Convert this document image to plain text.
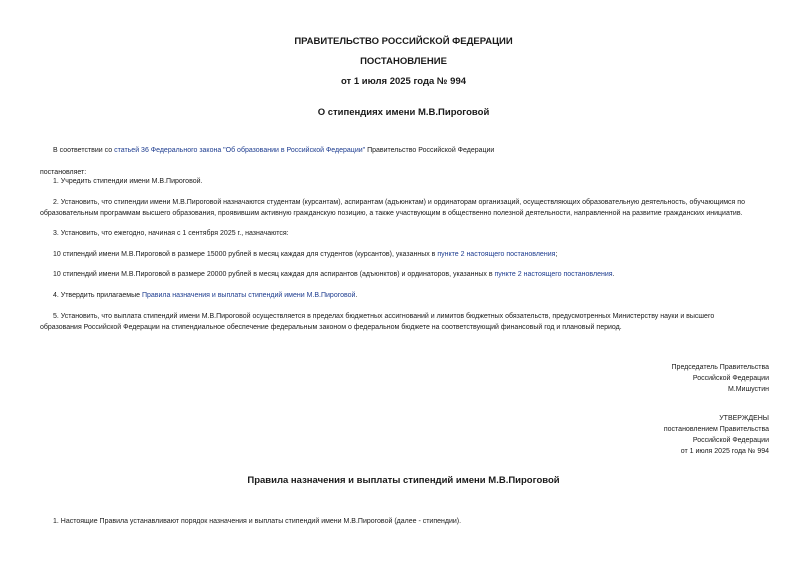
ПРАВИТЕЛЬСТВО РОССИЙСКОЙ ФЕДЕРАЦИИ
ПОСТАНОВЛЕНИЕ
от 1 июля 2025 года № 994
О стипендиях имени М.В.Пироговой
В соответствии со статьей 36 Федерального закона "Об образовании в Российской Федерации" Правительство Российской Федерации
постановляет:
1. Учредить стипендии имени М.В.Пироговой.
2. Установить, что стипендии имени М.В.Пироговой назначаются студентам (курсантам), аспирантам (адъюнктам) и ординаторам организаций, осуществляющих образовательную деятельность, обучающимся по
образовательным программам высшего образования, проявившим активную гражданскую позицию, а также участвующим в общественно полезной деятельности, направленной на развитие гражданских инициатив.
3. Установить, что ежегодно, начиная с 1 сентября 2025 г., назначаются:
10 стипендий имени М.В.Пироговой в размере 15000 рублей в месяц каждая для студентов (курсантов), указанных в пункте 2 настоящего постановления;
10 стипендий имени М.В.Пироговой в размере 20000 рублей в месяц каждая для аспирантов (адъюнктов) и ординаторов, указанных в пункте 2 настоящего постановления.
4. Утвердить прилагаемые Правила назначения и выплаты стипендий имени М.В.Пироговой.
5. Установить, что выплата стипендий имени М.В.Пироговой осуществляется в пределах бюджетных ассигнований и лимитов бюджетных обязательств, предусмотренных Министерству науки и высшего
образования Российской Федерации на стипендиальное обеспечение федеральным законом о федеральном бюджете на соответствующий финансовый год и плановый период.
Председатель Правительства
Российской Федерации
М.Мишустин
УТВЕРЖДЕНЫ
постановлением Правительства
Российской Федерации
от 1 июля 2025 года № 994
Правила назначения и выплаты стипендий имени М.В.Пироговой
1. Настоящие Правила устанавливают порядок назначения и выплаты стипендий имени М.В.Пироговой (далее - стипендии).
